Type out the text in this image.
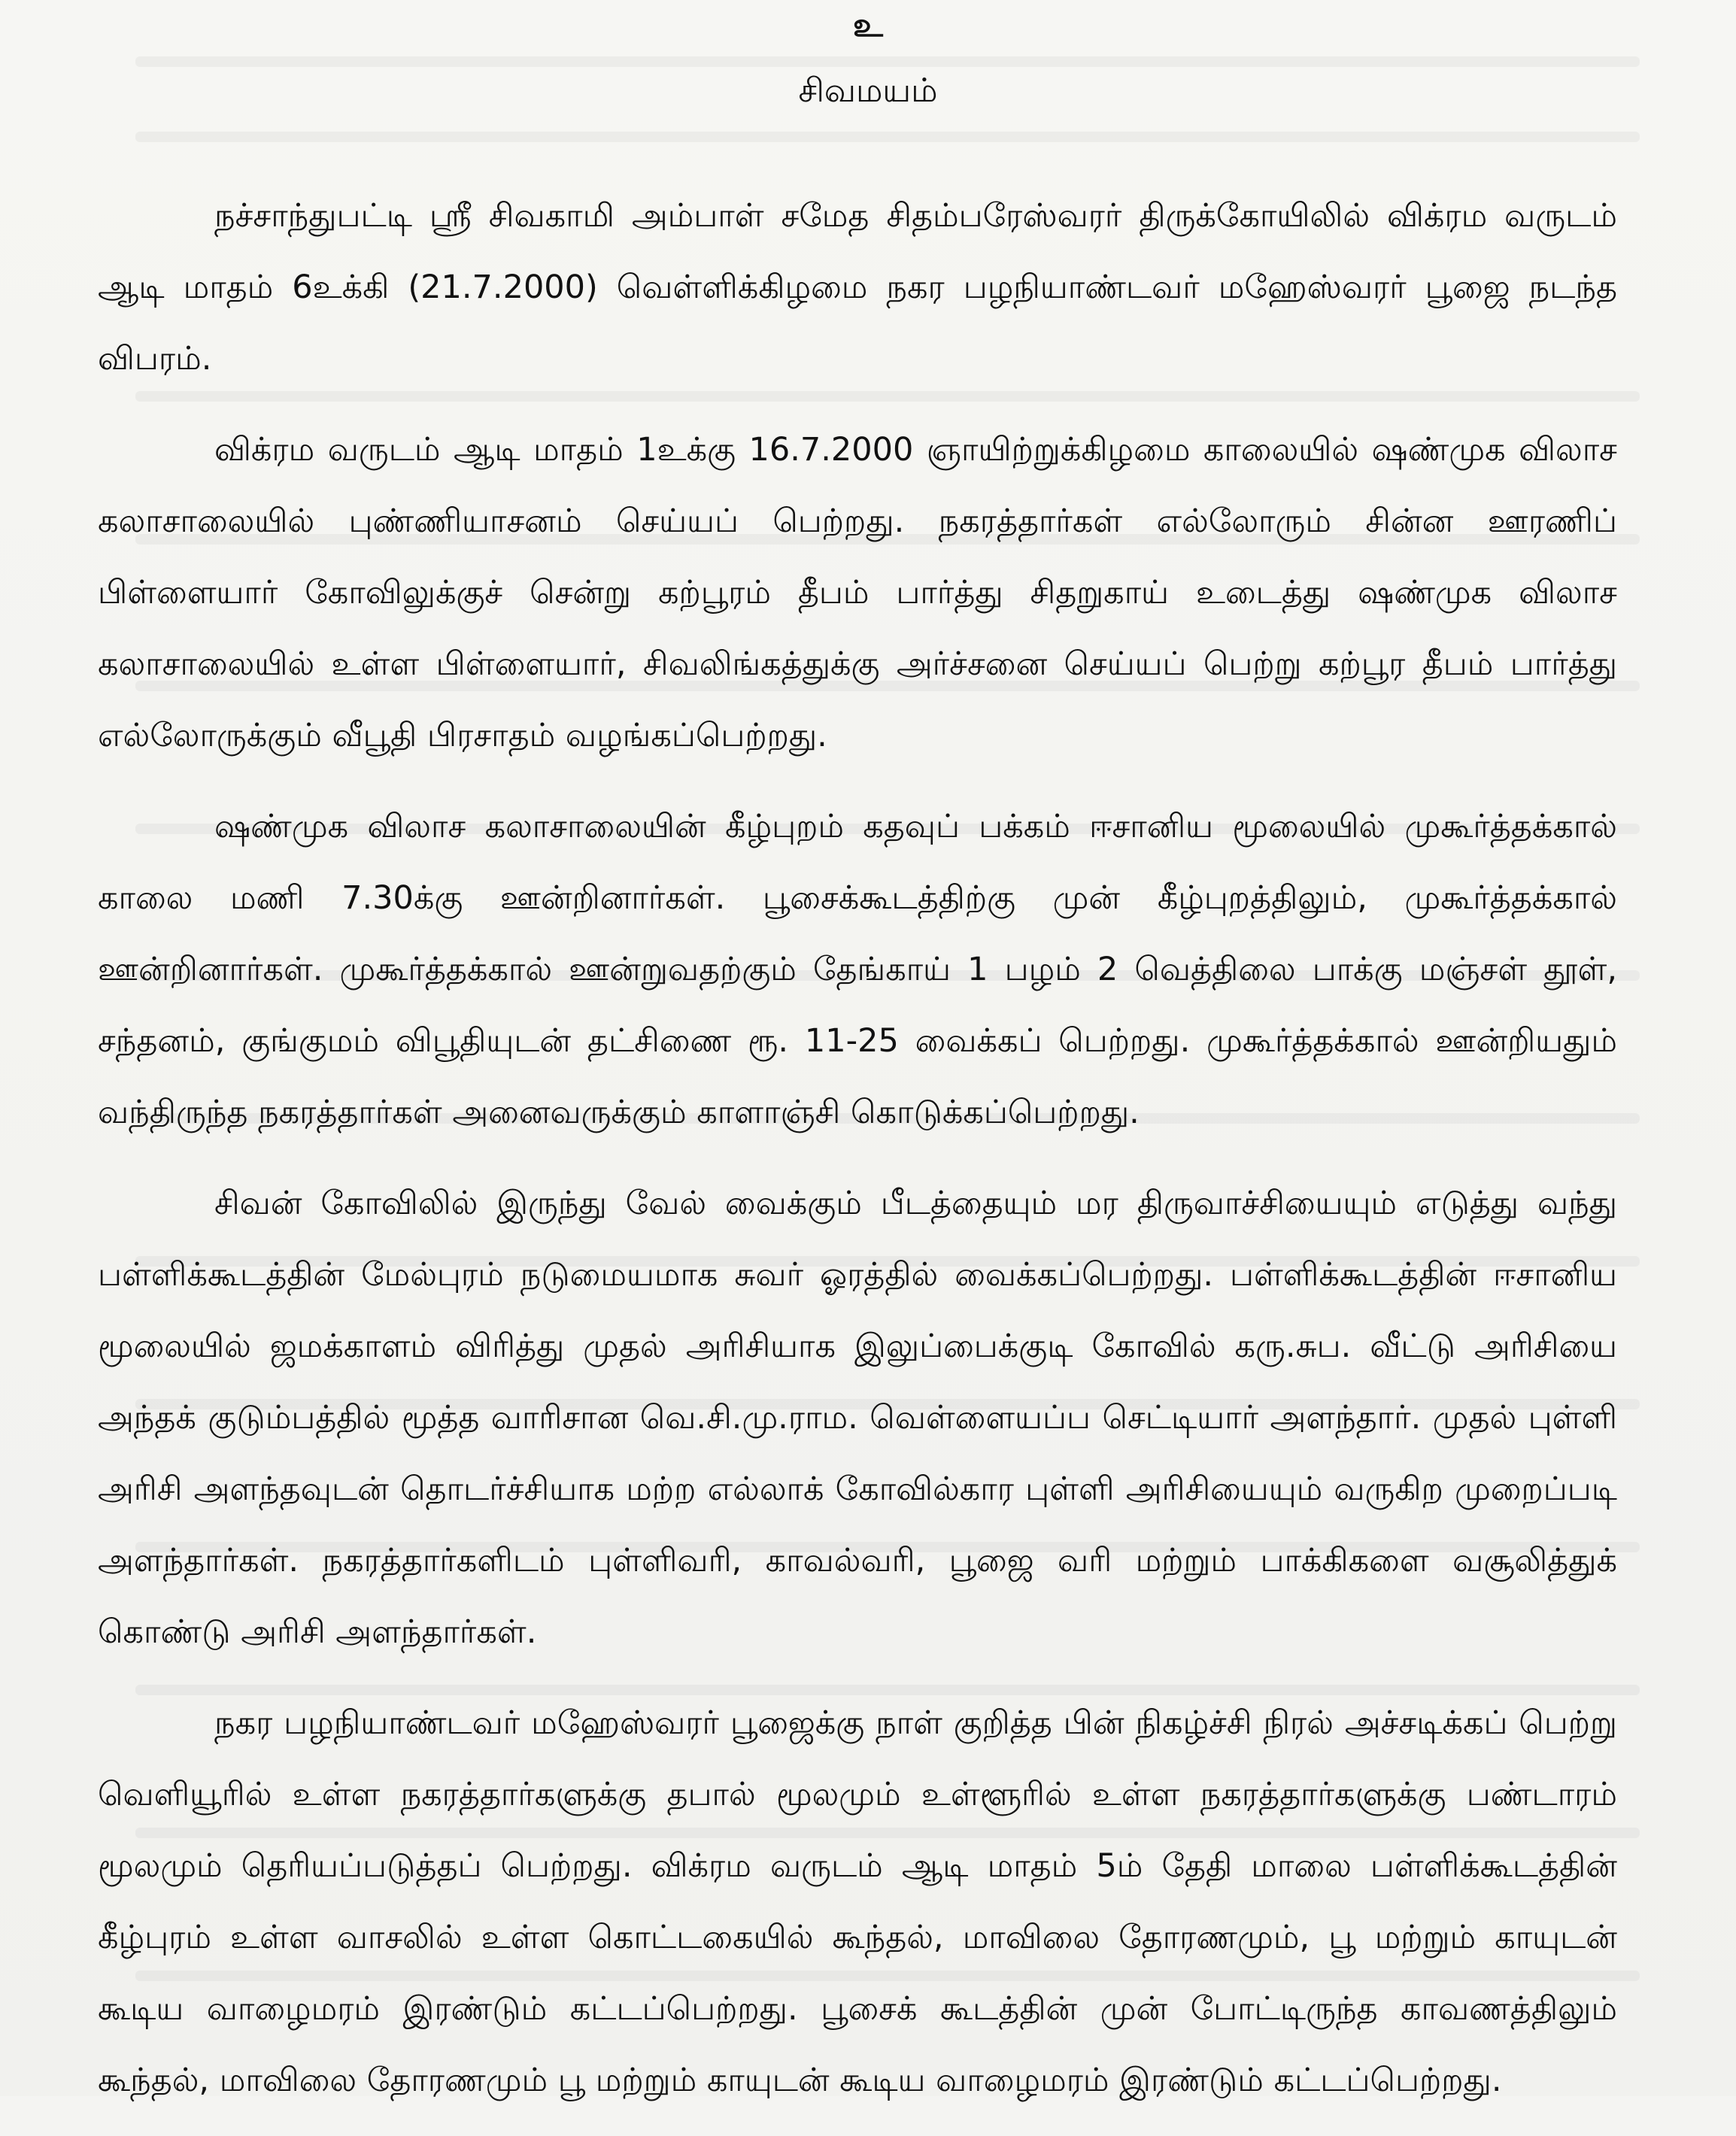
உ
சிவமயம்

நச்சாந்துபட்டி ஸ்ரீ சிவகாமி அம்பாள் சமேத சிதம்பரேஸ்வரர் திருக்கோயிலில் விக்ரம வருடம் ஆடி மாதம் 6உக்கி (21.7.2000) வெள்ளிக்கிழமை நகர பழநியாண்டவர் மஹேஸ்வரர் பூஜை நடந்த விபரம்.

விக்ரம வருடம் ஆடி மாதம் 1உக்கு 16.7.2000 ஞாயிற்றுக்கிழமை காலையில் ஷண்முக விலாச கலாசாலையில் புண்ணியாசனம் செய்யப் பெற்றது. நகரத்தார்கள் எல்லோரும் சின்ன ஊரணிப் பிள்ளையார் கோவிலுக்குச் சென்று கற்பூரம் தீபம் பார்த்து சிதறுகாய் உடைத்து ஷண்முக விலாச கலாசாலையில் உள்ள பிள்ளையார், சிவலிங்கத்துக்கு அர்ச்சனை செய்யப் பெற்று கற்பூர தீபம் பார்த்து எல்லோருக்கும் வீபூதி பிரசாதம் வழங்கப்பெற்றது.

ஷண்முக விலாச கலாசாலையின் கீழ்புறம் கதவுப் பக்கம் ஈசானிய மூலையில் முகூர்த்தக்கால் காலை மணி 7.30க்கு ஊன்றினார்கள். பூசைக்கூடத்திற்கு முன் கீழ்புறத்திலும், முகூர்த்தக்கால் ஊன்றினார்கள். முகூர்த்தக்கால் ஊன்றுவதற்கும் தேங்காய் 1 பழம் 2 வெத்திலை பாக்கு மஞ்சள் தூள், சந்தனம், குங்குமம் விபூதியுடன் தட்சிணை ரூ. 11-25 வைக்கப் பெற்றது. முகூர்த்தக்கால் ஊன்றியதும் வந்திருந்த நகரத்தார்கள் அனைவருக்கும் காளாஞ்சி கொடுக்கப்பெற்றது.

சிவன் கோவிலில் இருந்து வேல் வைக்கும் பீடத்தையும் மர திருவாச்சியையும் எடுத்து வந்து பள்ளிக்கூடத்தின் மேல்புரம் நடுமையமாக சுவர் ஓரத்தில் வைக்கப்பெற்றது. பள்ளிக்கூடத்தின் ஈசானிய மூலையில் ஜமக்காளம் விரித்து முதல் அரிசியாக இலுப்பைக்குடி கோவில் கரு.சுப. வீட்டு அரிசியை அந்தக் குடும்பத்தில் மூத்த வாரிசான வெ.சி.மு.ராம. வெள்ளையப்ப செட்டியார் அளந்தார். முதல் புள்ளி அரிசி அளந்தவுடன் தொடர்ச்சியாக மற்ற எல்லாக் கோவில்கார புள்ளி அரிசியையும் வருகிற முறைப்படி அளந்தார்கள். நகரத்தார்களிடம் புள்ளிவரி, காவல்வரி, பூஜை வரி மற்றும் பாக்கிகளை வசூலித்துக் கொண்டு அரிசி அளந்தார்கள்.

நகர பழநியாண்டவர் மஹேஸ்வரர் பூஜைக்கு நாள் குறித்த பின் நிகழ்ச்சி நிரல் அச்சடிக்கப் பெற்று வெளியூரில் உள்ள நகரத்தார்களுக்கு தபால் மூலமும் உள்ளூரில் உள்ள நகரத்தார்களுக்கு பண்டாரம் மூலமும் தெரியப்படுத்தப் பெற்றது. விக்ரம வருடம் ஆடி மாதம் 5ம் தேதி மாலை பள்ளிக்கூடத்தின் கீழ்புரம் உள்ள வாசலில் உள்ள கொட்டகையில் கூந்தல், மாவிலை தோரணமும், பூ மற்றும் காயுடன் கூடிய வாழைமரம் இரண்டும் கட்டப்பெற்றது. பூசைக் கூடத்தின் முன் போட்டிருந்த காவணத்திலும் கூந்தல், மாவிலை தோரணமும் பூ மற்றும் காயுடன் கூடிய வாழைமரம் இரண்டும் கட்டப்பெற்றது.
